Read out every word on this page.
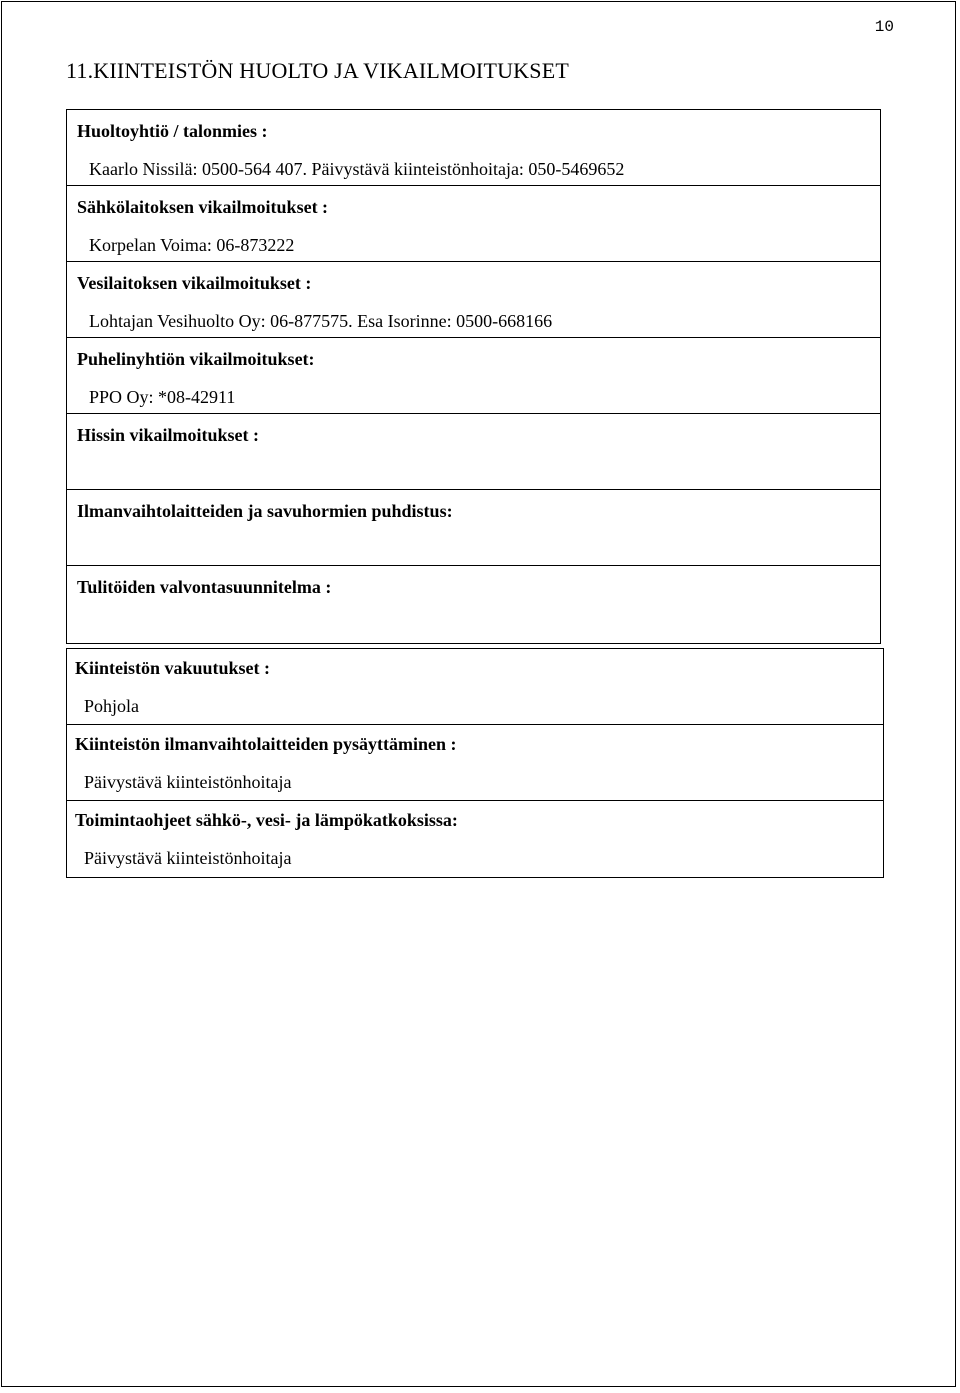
10
11.KIINTEISTÖN HUOLTO JA VIKAILMOITUKSET
Huoltoyhtiö / talonmies :
Kaarlo Nissilä: 0500-564 407. Päivystävä kiinteistönhoitaja: 050-5469652
Sähkölaitoksen vikailmoitukset :
Korpelan Voima: 06-873222
Vesilaitoksen vikailmoitukset :
Lohtajan Vesihuolto Oy: 06-877575. Esa Isorinne: 0500-668166
Puhelinyhtiön vikailmoitukset:
PPO Oy: *08-42911
Hissin vikailmoitukset :
Ilmanvaihtolaitteiden ja savuhormien puhdistus:
Tulitöiden valvontasuunnitelma :
Kiinteistön vakuutukset :
Pohjola
Kiinteistön ilmanvaihtolaitteiden pysäyttäminen :
Päivystävä kiinteistönhoitaja
Toimintaohjeet sähkö-, vesi- ja lämpökatkoksissa:
Päivystävä kiinteistönhoitaja
